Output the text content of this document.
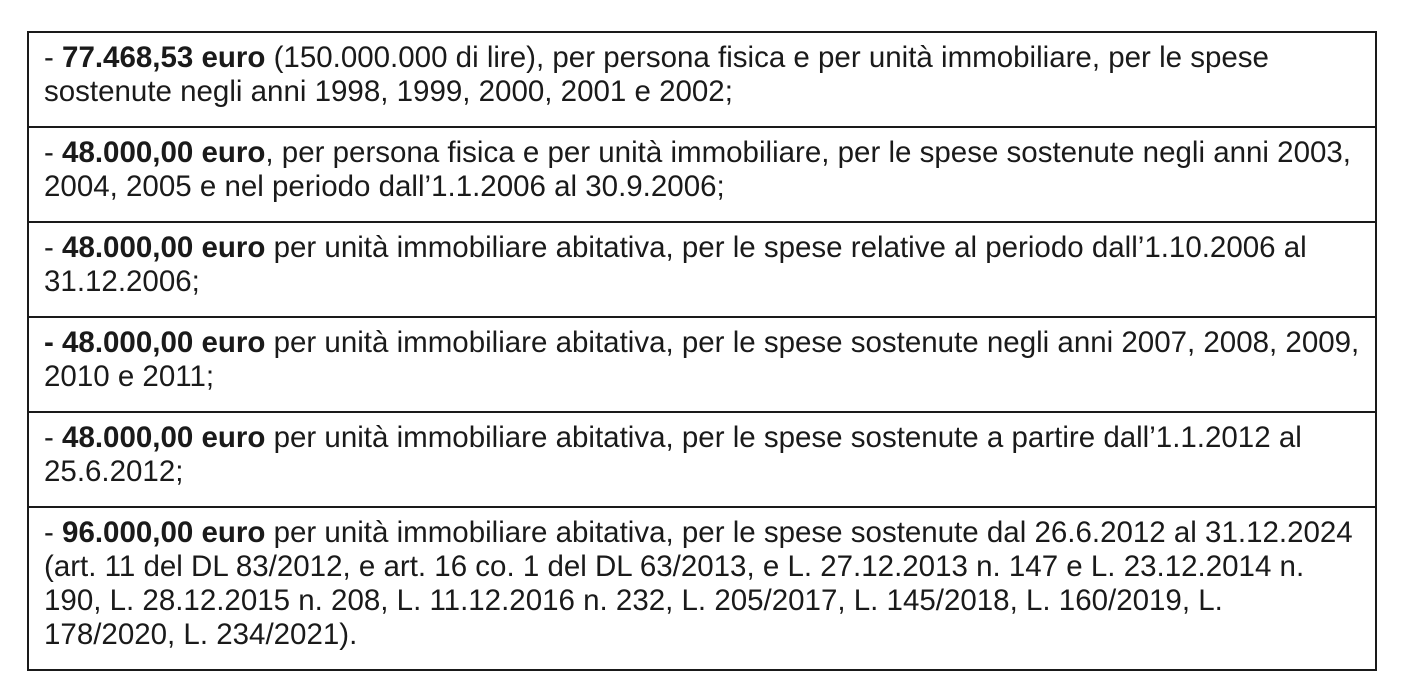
- 77.468,53 euro (150.000.000 di lire), per persona fisica e per unità immobiliare, per le spese sostenute negli anni 1998, 1999, 2000, 2001 e 2002;
- 48.000,00 euro, per persona fisica e per unità immobiliare, per le spese sostenute negli anni 2003, 2004, 2005 e nel periodo dall’1.1.2006 al 30.9.2006;
- 48.000,00 euro per unità immobiliare abitativa, per le spese relative al periodo dall’1.10.2006 al 31.12.2006;
- 48.000,00 euro per unità immobiliare abitativa, per le spese sostenute negli anni 2007, 2008, 2009, 2010 e 2011;
- 48.000,00 euro per unità immobiliare abitativa, per le spese sostenute a partire dall’1.1.2012 al 25.6.2012;
- 96.000,00 euro per unità immobiliare abitativa, per le spese sostenute dal 26.6.2012 al 31.12.2024 (art. 11 del DL 83/2012, e art. 16 co. 1 del DL 63/2013, e L. 27.12.2013 n. 147 e L. 23.12.2014 n. 190, L. 28.12.2015 n. 208, L. 11.12.2016 n. 232, L. 205/2017, L. 145/2018, L. 160/2019, L. 178/2020, L. 234/2021).
